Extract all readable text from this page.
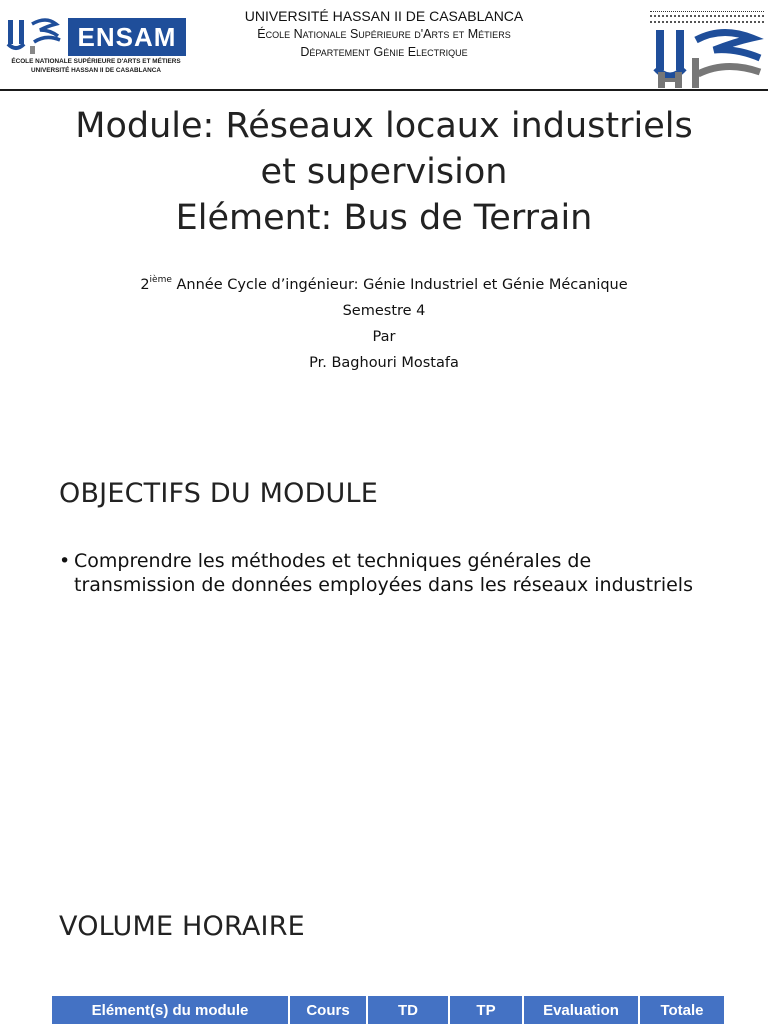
ENSAM
ÉCOLE NATIONALE SUPÉRIEURE D'ARTS ET MÉTIERS
UNIVERSITÉ HASSAN II DE CASABLANCA
UNIVERSITÉ HASSAN II DE CASABLANCA
École Nationale Supérieure d'Arts et Métiers
Département Génie Electrique
Module: Réseaux locaux industriels
et supervision
Elément: Bus de Terrain
2ième Année Cycle d’ingénieur: Génie Industriel et Génie Mécanique
Semestre 4
Par
Pr. Baghouri Mostafa
OBJECTIFS DU MODULE
• Comprendre les méthodes et techniques générales de
transmission de données employées dans les réseaux industriels
VOLUME HORAIRE
Elément(s) du module	Cours	TD	TP	Evaluation	Totale
